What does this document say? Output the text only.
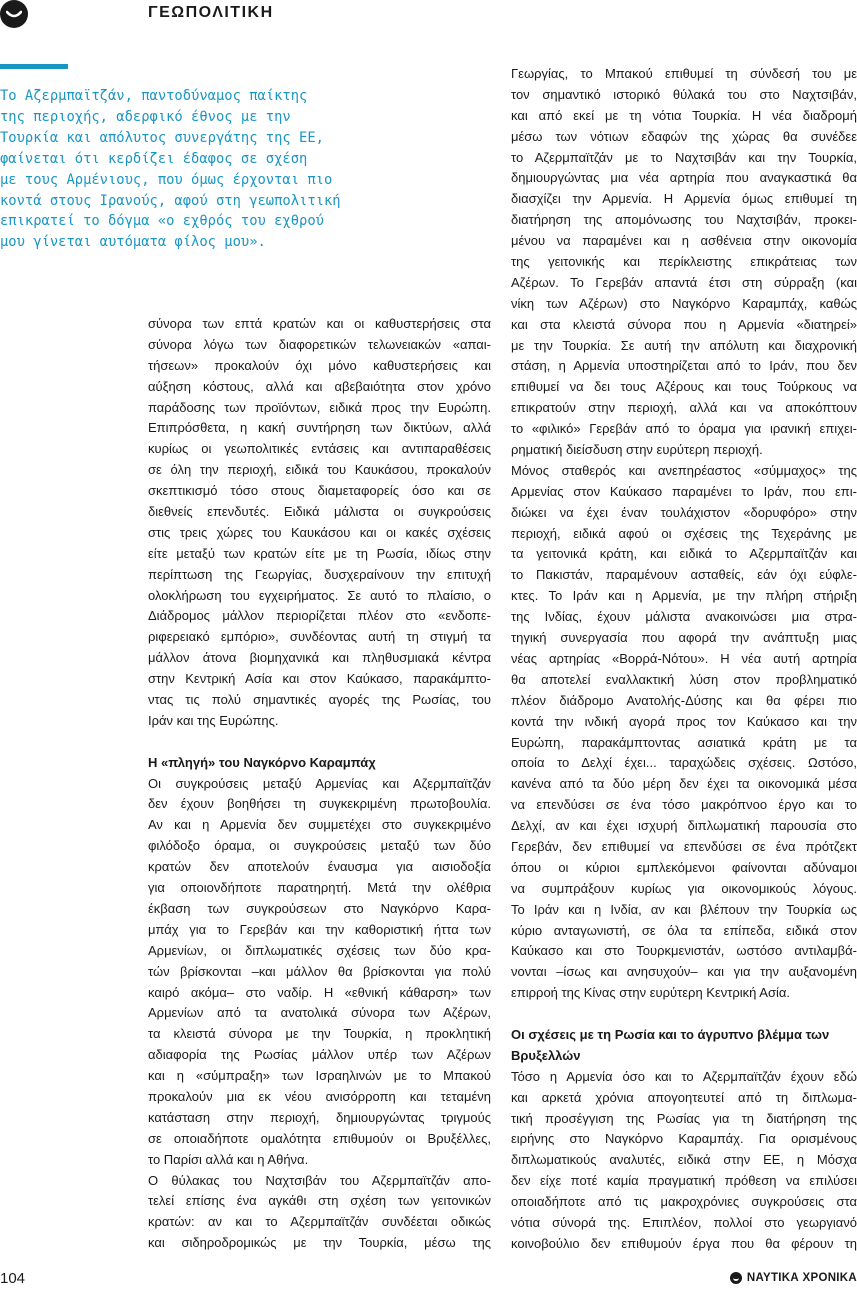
ΓΕΩΠΟΛΙΤΙΚΗ
Το Αζερμπαϊτζάν, παντοδύναμος παίκτης
της περιοχής, αδερφικό έθνος με την
Τουρκία και απόλυτος συνεργάτης της ΕΕ,
φαίνεται ότι κερδίζει έδαφος σε σχέση
με τους Αρμένιους, που όμως έρχονται πιο
κοντά στους Ιρανούς, αφού στη γεωπολιτική
επικρατεί το δόγμα «ο εχθρός του εχθρού
μου γίνεται αυτόματα φίλος μου».
σύνορα των επτά κρατών και οι καθυστερήσεις στα
σύνορα λόγω των διαφορετικών τελωνειακών «απαι-
τήσεων» προκαλούν όχι μόνο καθυστερήσεις και
αύξηση κόστους, αλλά και αβεβαιότητα στον χρόνο
παράδοσης των προϊόντων, ειδικά προς την Ευρώπη.
Επιπρόσθετα, η κακή συντήρηση των δικτύων, αλλά
κυρίως οι γεωπολιτικές εντάσεις και αντιπαραθέσεις
σε όλη την περιοχή, ειδικά του Καυκάσου, προκαλούν
σκεπτικισμό τόσο στους διαμεταφορείς όσο και σε
διεθνείς επενδυτές. Ειδικά μάλιστα οι συγκρούσεις
στις τρεις χώρες του Καυκάσου και οι κακές σχέσεις
είτε μεταξύ των κρατών είτε με τη Ρωσία, ιδίως στην
περίπτωση της Γεωργίας, δυσχεραίνουν την επιτυχή
ολοκλήρωση του εγχειρήματος. Σε αυτό το πλαίσιο, ο
Διάδρομος μάλλον περιορίζεται πλέον στο «ενδοπε-
ριφερειακό εμπόριο», συνδέοντας αυτή τη στιγμή τα
μάλλον άτονα βιομηχανικά και πληθυσμιακά κέντρα
στην Κεντρική Ασία και στον Καύκασο, παρακάμπτο-
ντας τις πολύ σημαντικές αγορές της Ρωσίας, του
Ιράν και της Ευρώπης.
Η «πληγή» του Ναγκόρνο Καραμπάχ
Οι συγκρούσεις μεταξύ Αρμενίας και Αζερμπαϊτζάν
δεν έχουν βοηθήσει τη συγκεκριμένη πρωτοβουλία.
Αν και η Αρμενία δεν συμμετέχει στο συγκεκριμένο
φιλόδοξο όραμα, οι συγκρούσεις μεταξύ των δύο
κρατών δεν αποτελούν έναυσμα για αισιοδοξία
για οποιονδήποτε παρατηρητή. Μετά την ολέθρια
έκβαση των συγκρούσεων στο Ναγκόρνο Καρα-
μπάχ για το Γερεβάν και την καθοριστική ήττα των
Αρμενίων, οι διπλωματικές σχέσεις των δύο κρα-
τών βρίσκονται –και μάλλον θα βρίσκονται για πολύ
καιρό ακόμα– στο ναδίρ. Η «εθνική κάθαρση» των
Αρμενίων από τα ανατολικά σύνορα των Αζέρων,
τα κλειστά σύνορα με την Τουρκία, η προκλητική
αδιαφορία της Ρωσίας μάλλον υπέρ των Αζέρων
και η «σύμπραξη» των Ισραηλινών με το Μπακού
προκαλούν μια εκ νέου ανισόρροπη και τεταμένη
κατάσταση στην περιοχή, δημιουργώντας τριγμούς
σε οποιαδήποτε ομαλότητα επιθυμούν οι Βρυξέλλες,
το Παρίσι αλλά και η Αθήνα.
Ο θύλακας του Ναχτσιβάν του Αζερμπαϊτζάν απο-
τελεί επίσης ένα αγκάθι στη σχέση των γειτονικών
κρατών: αν και το Αζερμπαϊτζάν συνδέεται οδικώς
και σιδηροδρομικώς με την Τουρκία, μέσω της
Γεωργίας, το Μπακού επιθυμεί τη σύνδεσή του με
τον σημαντικό ιστορικό θύλακά του στο Ναχτσιβάν,
και από εκεί με τη νότια Τουρκία. Η νέα διαδρομή
μέσω των νότιων εδαφών της χώρας θα συνέδεε
το Αζερμπαϊτζάν με το Ναχτσιβάν και την Τουρκία,
δημιουργώντας μια νέα αρτηρία που αναγκαστικά θα
διασχίζει την Αρμενία. Η Αρμενία όμως επιθυμεί τη
διατήρηση της απομόνωσης του Ναχτσιβάν, προκει-
μένου να παραμένει και η ασθένεια στην οικονομία
της γειτονικής και περίκλειστης επικράτειας των
Αζέρων. Το Γερεβάν απαντά έτσι στη σύρραξη (και
νίκη των Αζέρων) στο Ναγκόρνο Καραμπάχ, καθώς
και στα κλειστά σύνορα που η Αρμενία «διατηρεί»
με την Τουρκία. Σε αυτή την απόλυτη και διαχρονική
στάση, η Αρμενία υποστηρίζεται από το Ιράν, που δεν
επιθυμεί να δει τους Αζέρους και τους Τούρκους να
επικρατούν στην περιοχή, αλλά και να αποκόπτουν
το «φιλικό» Γερεβάν από το όραμα για ιρανική επιχει-
ρηματική διείσδυση στην ευρύτερη περιοχή.
Μόνος σταθερός και ανεπηρέαστος «σύμμαχος» της
Αρμενίας στον Καύκασο παραμένει το Ιράν, που επι-
διώκει να έχει έναν τουλάχιστον «δορυφόρο» στην
περιοχή, ειδικά αφού οι σχέσεις της Τεχεράνης με
τα γειτονικά κράτη, και ειδικά το Αζερμπαϊτζάν και
το Πακιστάν, παραμένουν ασταθείς, εάν όχι εύφλε-
κτες. Το Ιράν και η Αρμενία, με την πλήρη στήριξη
της Ινδίας, έχουν μάλιστα ανακοινώσει μια στρα-
τηγική συνεργασία που αφορά την ανάπτυξη μιας
νέας αρτηρίας «Βορρά-Νότου». Η νέα αυτή αρτηρία
θα αποτελεί εναλλακτική λύση στον προβληματικό
πλέον διάδρομο Ανατολής-Δύσης και θα φέρει πιο
κοντά την ινδική αγορά προς τον Καύκασο και την
Ευρώπη, παρακάμπτοντας ασιατικά κράτη με τα
οποία το Δελχί έχει... ταραχώδεις σχέσεις. Ωστόσο,
κανένα από τα δύο μέρη δεν έχει τα οικονομικά μέσα
να επενδύσει σε ένα τόσο μακρόπνοο έργο και το
Δελχί, αν και έχει ισχυρή διπλωματική παρουσία στο
Γερεβάν, δεν επιθυμεί να επενδύσει σε ένα πρότζεκτ
όπου οι κύριοι εμπλεκόμενοι φαίνονται αδύναμοι
να συμπράξουν κυρίως για οικονομικούς λόγους.
Το Ιράν και η Ινδία, αν και βλέπουν την Τουρκία ως
κύριο ανταγωνιστή, σε όλα τα επίπεδα, ειδικά στον
Καύκασο και στο Τουρκμενιστάν, ωστόσο αντιλαμβά-
νονται –ίσως και ανησυχούν– και για την αυξανομένη
επιρροή της Κίνας στην ευρύτερη Κεντρική Ασία.
Οι σχέσεις με τη Ρωσία και το άγρυπνο βλέμμα των
Βρυξελλών
Τόσο η Αρμενία όσο και το Αζερμπαϊτζάν έχουν εδώ
και αρκετά χρόνια απογοητευτεί από τη διπλωμα-
τική προσέγγιση της Ρωσίας για τη διατήρηση της
ειρήνης στο Ναγκόρνο Καραμπάχ. Για ορισμένους
διπλωματικούς αναλυτές, ειδικά στην ΕΕ, η Μόσχα
δεν είχε ποτέ καμία πραγματική πρόθεση να επιλύσει
οποιαδήποτε από τις μακροχρόνιες συγκρούσεις στα
νότια σύνορά της. Επιπλέον, πολλοί στο γεωργιανό
κοινοβούλιο δεν επιθυμούν έργα που θα φέρουν τη
104	ΝΑΥΤΙΚΑ ΧΡΟΝΙΚΑ
